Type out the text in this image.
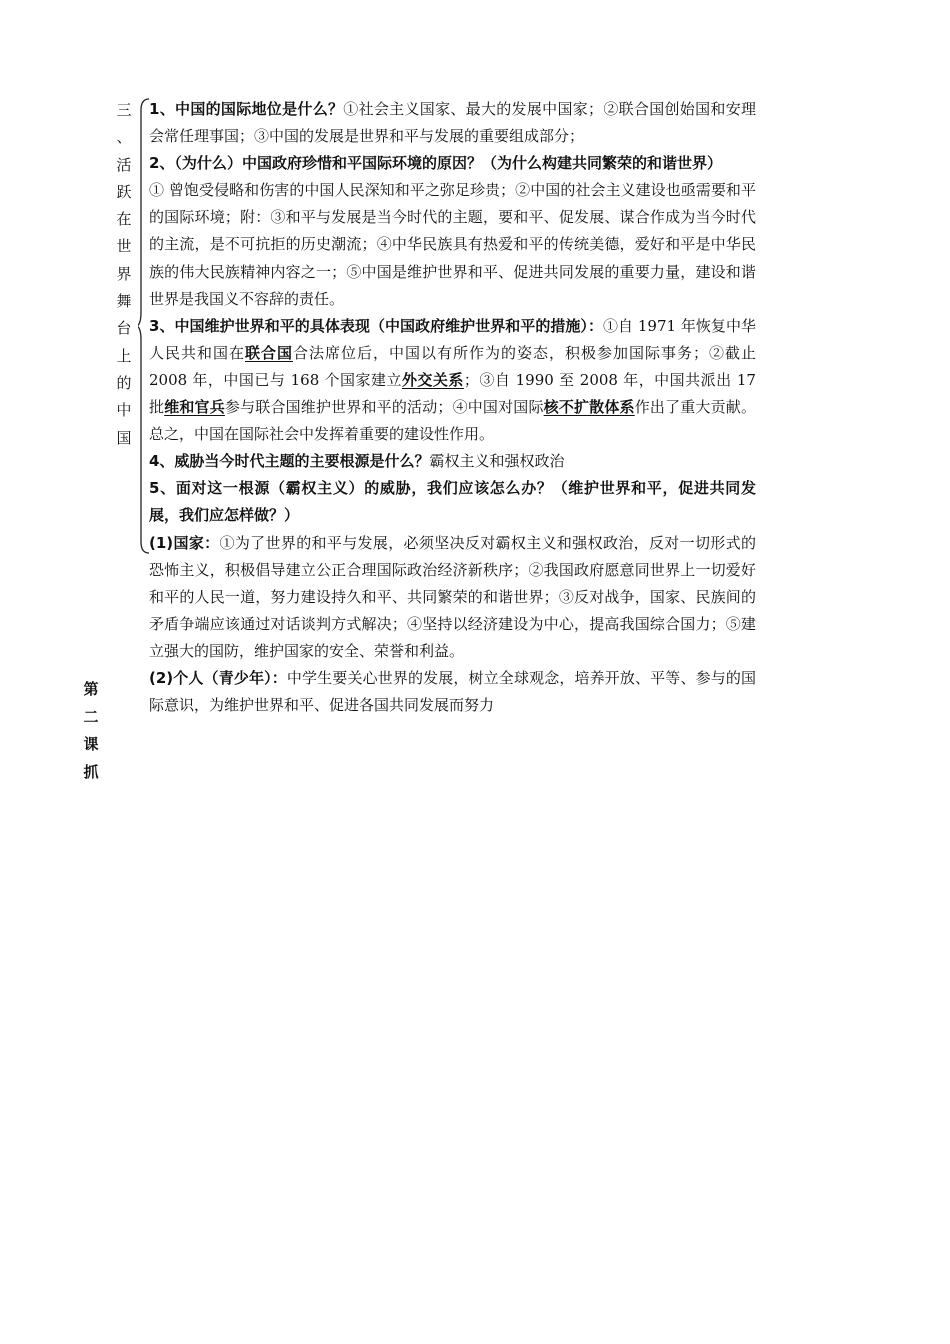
三
、
活
跃
在
世
界
舞
台
上
的
中
国
第
二
课
抓

1、中国的国际地位是什么？①社会主义国家、最大的发展中国家；②联合国创始国和安理会常任理事国；③中国的发展是世界和平与发展的重要组成部分；

2、（为什么）中国政府珍惜和平国际环境的原因？（为什么构建共同繁荣的和谐世界）

① 曾饱受侵略和伤害的中国人民深知和平之弥足珍贵；②中国的社会主义建设也亟需要和平的国际环境；附：③和平与发展是当今时代的主题，要和平、促发展、谋合作成为当今时代的主流，是不可抗拒的历史潮流；④中华民族具有热爱和平的传统美德，爱好和平是中华民族的伟大民族精神内容之一；⑤中国是维护世界和平、促进共同发展的重要力量，建设和谐世界是我国义不容辞的责任。

3、中国维护世界和平的具体表现（中国政府维护世界和平的措施）：①自 1971 年恢复中华人民共和国在联合国合法席位后，中国以有所作为的姿态，积极参加国际事务；②截止 2008 年，中国已与 168 个国家建立外交关系；③自 1990 至 2008 年，中国共派出 17 批维和官兵参与联合国维护世界和平的活动；④中国对国际核不扩散体系作出了重大贡献。总之，中国在国际社会中发挥着重要的建设性作用。

4、威胁当今时代主题的主要根源是什么？霸权主义和强权政治

5、面对这一根源（霸权主义）的威胁，我们应该怎么办？（维护世界和平，促进共同发展，我们应怎样做？）

(1)国家：①为了世界的和平与发展，必须坚决反对霸权主义和强权政治，反对一切形式的恐怖主义，积极倡导建立公正合理国际政治经济新秩序；②我国政府愿意同世界上一切爱好和平的人民一道，努力建设持久和平、共同繁荣的和谐世界；③反对战争，国家、民族间的矛盾争端应该通过对话谈判方式解决；④坚持以经济建设为中心，提高我国综合国力；⑤建立强大的国防，维护国家的安全、荣誉和利益。

(2)个人（青少年）：中学生要关心世界的发展，树立全球观念，培养开放、平等、参与的国际意识，为维护世界和平、促进各国共同发展而努力
